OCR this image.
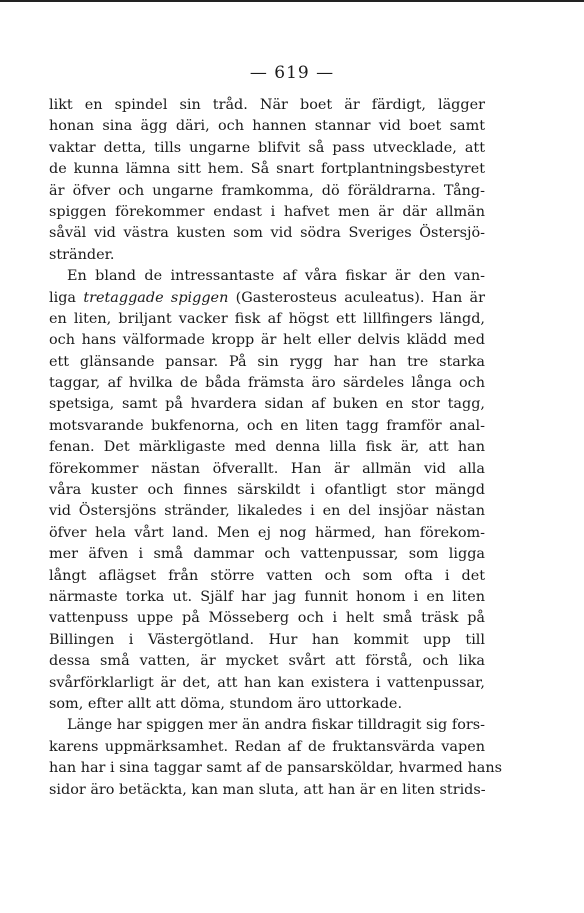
— 619 —
likt en spindel sin tråd. När boet är färdigt, lägger
honan sina ägg däri, och hannen stannar vid boet samt
vaktar detta, tills ungarne blifvit så pass utvecklade, att
de kunna lämna sitt hem. Så snart fortplantningsbestyret
är öfver och ungarne framkomma, dö föräldrarna. Tång-
spiggen förekommer endast i hafvet men är där allmän
såväl vid västra kusten som vid södra Sveriges Östersjö-
stränder.
En bland de intressantaste af våra fiskar är den van-
liga tretaggade spiggen (Gasterosteus aculeatus). Han är
en liten, briljant vacker fisk af högst ett lillfingers längd,
och hans välformade kropp är helt eller delvis klädd med
ett glänsande pansar. På sin rygg har han tre starka
taggar, af hvilka de båda främsta äro särdeles långa och
spetsiga, samt på hvardera sidan af buken en stor tagg,
motsvarande bukfenorna, och en liten tagg framför anal-
fenan. Det märkligaste med denna lilla fisk är, att han
förekommer nästan öfverallt. Han är allmän vid alla
våra kuster och finnes särskildt i ofantligt stor mängd
vid Östersjöns stränder, likaledes i en del insjöar nästan
öfver hela vårt land. Men ej nog härmed, han förekom-
mer äfven i små dammar och vattenpussar, som ligga
långt aflägset från större vatten och som ofta i det
närmaste torka ut. Själf har jag funnit honom i en liten
vattenpuss uppe på Mösseberg och i helt små träsk på
Billingen i Västergötland. Hur han kommit upp till
dessa små vatten, är mycket svårt att förstå, och lika
svårförklarligt är det, att han kan existera i vattenpussar,
som, efter allt att döma, stundom äro uttorkade.
Länge har spiggen mer än andra fiskar tilldragit sig fors-
karens uppmärksamhet. Redan af de fruktansvärda vapen
han har i sina taggar samt af de pansarsköldar, hvarmed hans
sidor äro betäckta, kan man sluta, att han är en liten strids-
